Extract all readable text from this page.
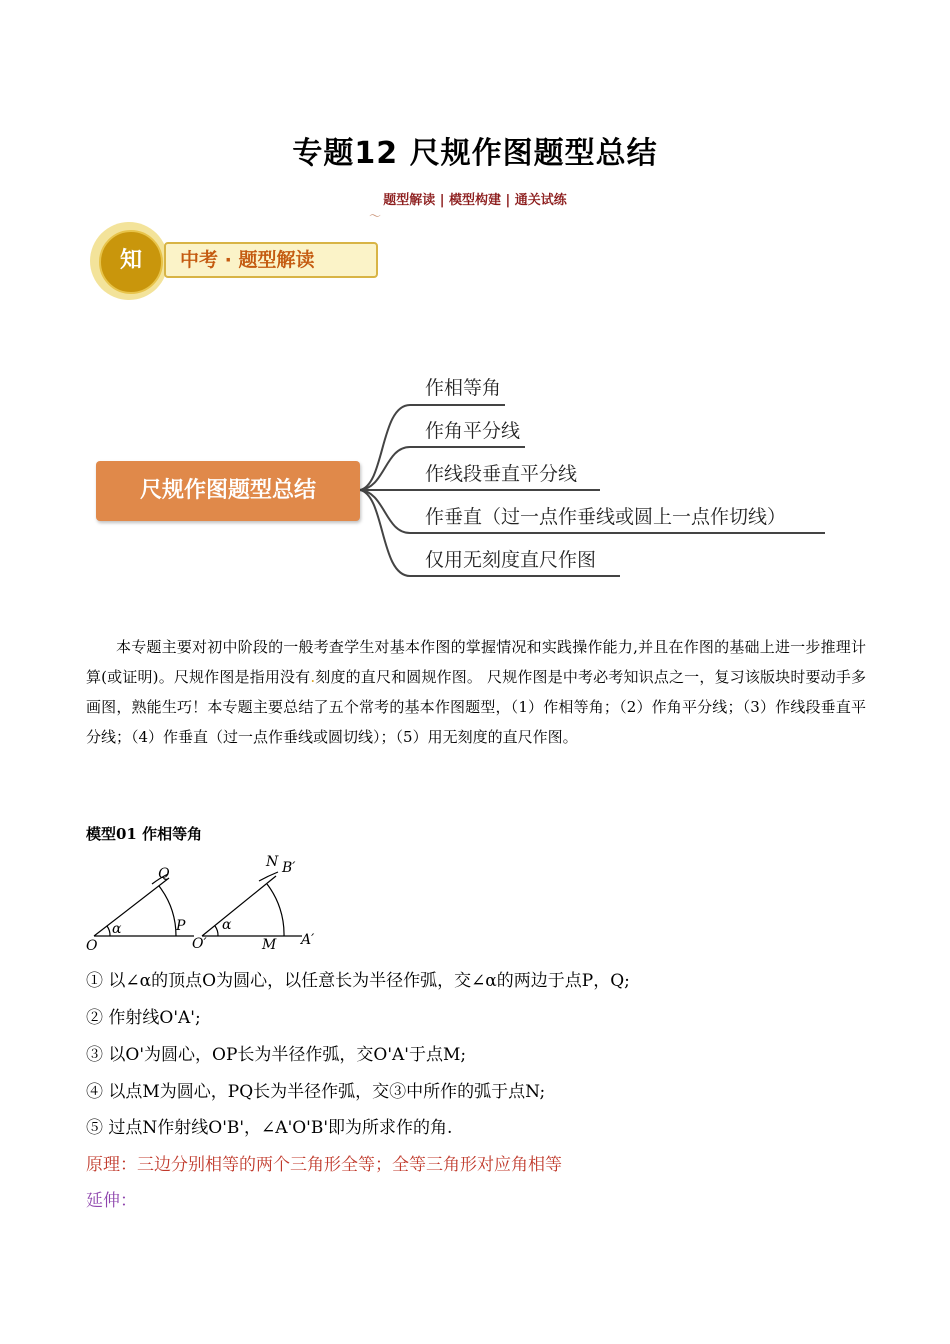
专题12 尺规作图题型总结
题型解读 | 模型构建 | 通关试练
〜
中考 · 题型解读
知
尺规作图题型总结
作相等角
作角平分线
作线段垂直平分线
作垂直（过一点作垂线或圆上一点作切线）
仅用无刻度直尺作图

本专题主要对初中阶段的一般考查学生对基本作图的掌握情况和实践操作能力,并且在作图的基础上进一步推理计算(或证明)。尺规作图是指用没有.刻度的直尺和圆规作图。 尺规作图是中考必考知识点之一，复习该版块时要动手多画图，熟能生巧！本专题主要总结了五个常考的基本作图题型，（1）作相等角；（2）作角平分线；（3）作线段垂直平分线；（4）作垂直（过一点作垂线或圆切线）；（5）用无刻度的直尺作图。

模型01 作相等角
O
P
Q
α
O′	M A′
N B′
α
① 以∠α的顶点O为圆心，以任意长为半径作弧，交∠α的两边于点P，Q;
② 作射线O'A';
③ 以O'为圆心，OP长为半径作弧，交O'A'于点M;
④ 以点M为圆心，PQ长为半径作弧，交③中所作的弧于点N;
⑤ 过点N作射线O'B'，∠A'O'B'即为所求作的角.
原理：三边分别相等的两个三角形全等；全等三角形对应角相等
延伸：
